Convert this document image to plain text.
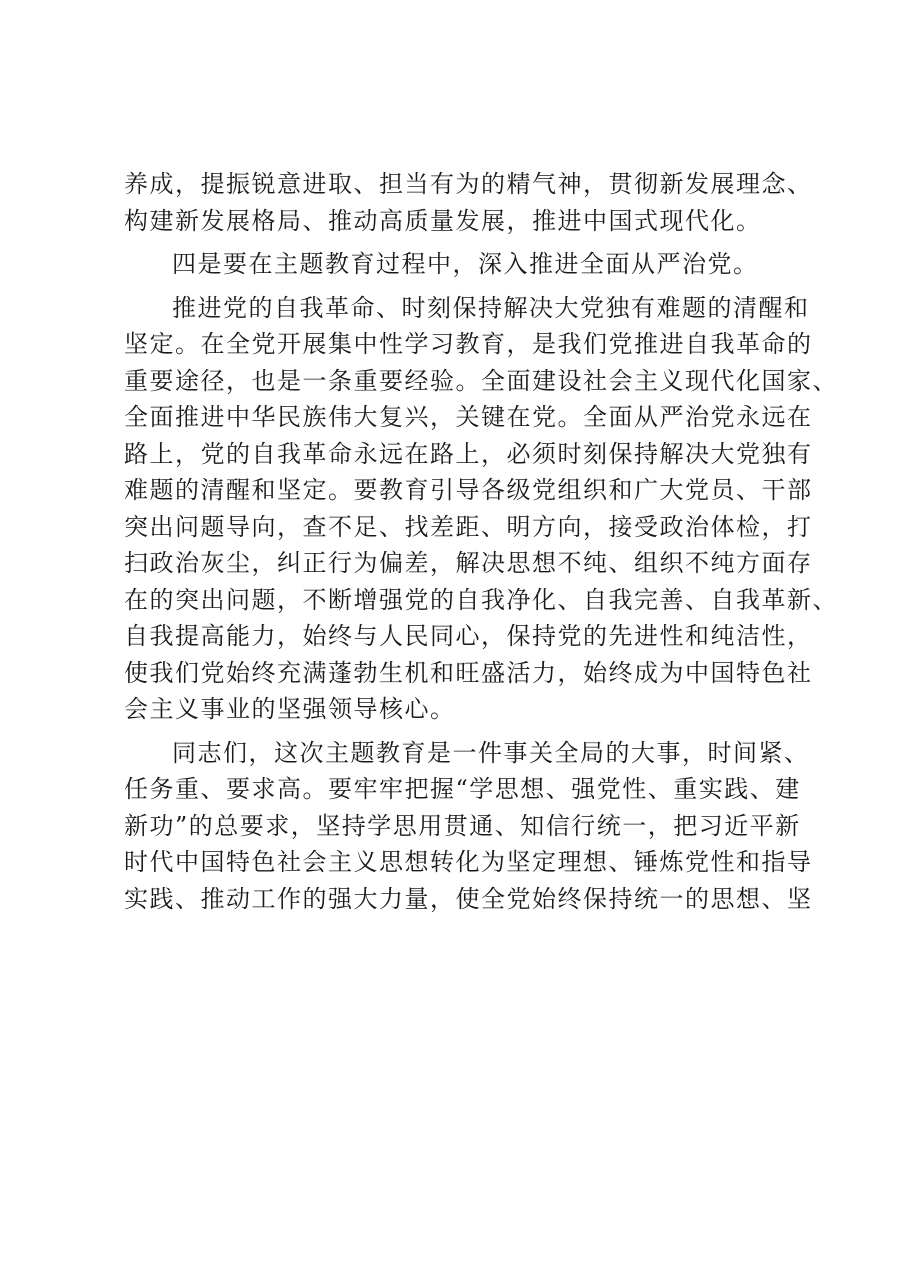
养成，提振锐意进取、担当有为的精气神，贯彻新发展理念、
构建新发展格局、推动高质量发展，推进中国式现代化。
四是要在主题教育过程中，深入推进全面从严治党。
推进党的自我革命、时刻保持解决大党独有难题的清醒和
坚定。在全党开展集中性学习教育，是我们党推进自我革命的
重要途径，也是一条重要经验。全面建设社会主义现代化国家、
全面推进中华民族伟大复兴，关键在党。全面从严治党永远在
路上，党的自我革命永远在路上，必须时刻保持解决大党独有
难题的清醒和坚定。要教育引导各级党组织和广大党员、干部
突出问题导向，查不足、找差距、明方向，接受政治体检，打
扫政治灰尘，纠正行为偏差，解决思想不纯、组织不纯方面存
在的突出问题，不断增强党的自我净化、自我完善、自我革新、
自我提高能力，始终与人民同心，保持党的先进性和纯洁性，
使我们党始终充满蓬勃生机和旺盛活力，始终成为中国特色社
会主义事业的坚强领导核心。
同志们，这次主题教育是一件事关全局的大事，时间紧、
任务重、要求高。要牢牢把握“学思想、强党性、重实践、建
新功”的总要求，坚持学思用贯通、知信行统一，把习近平新
时代中国特色社会主义思想转化为坚定理想、锤炼党性和指导
实践、推动工作的强大力量，使全党始终保持统一的思想、坚
